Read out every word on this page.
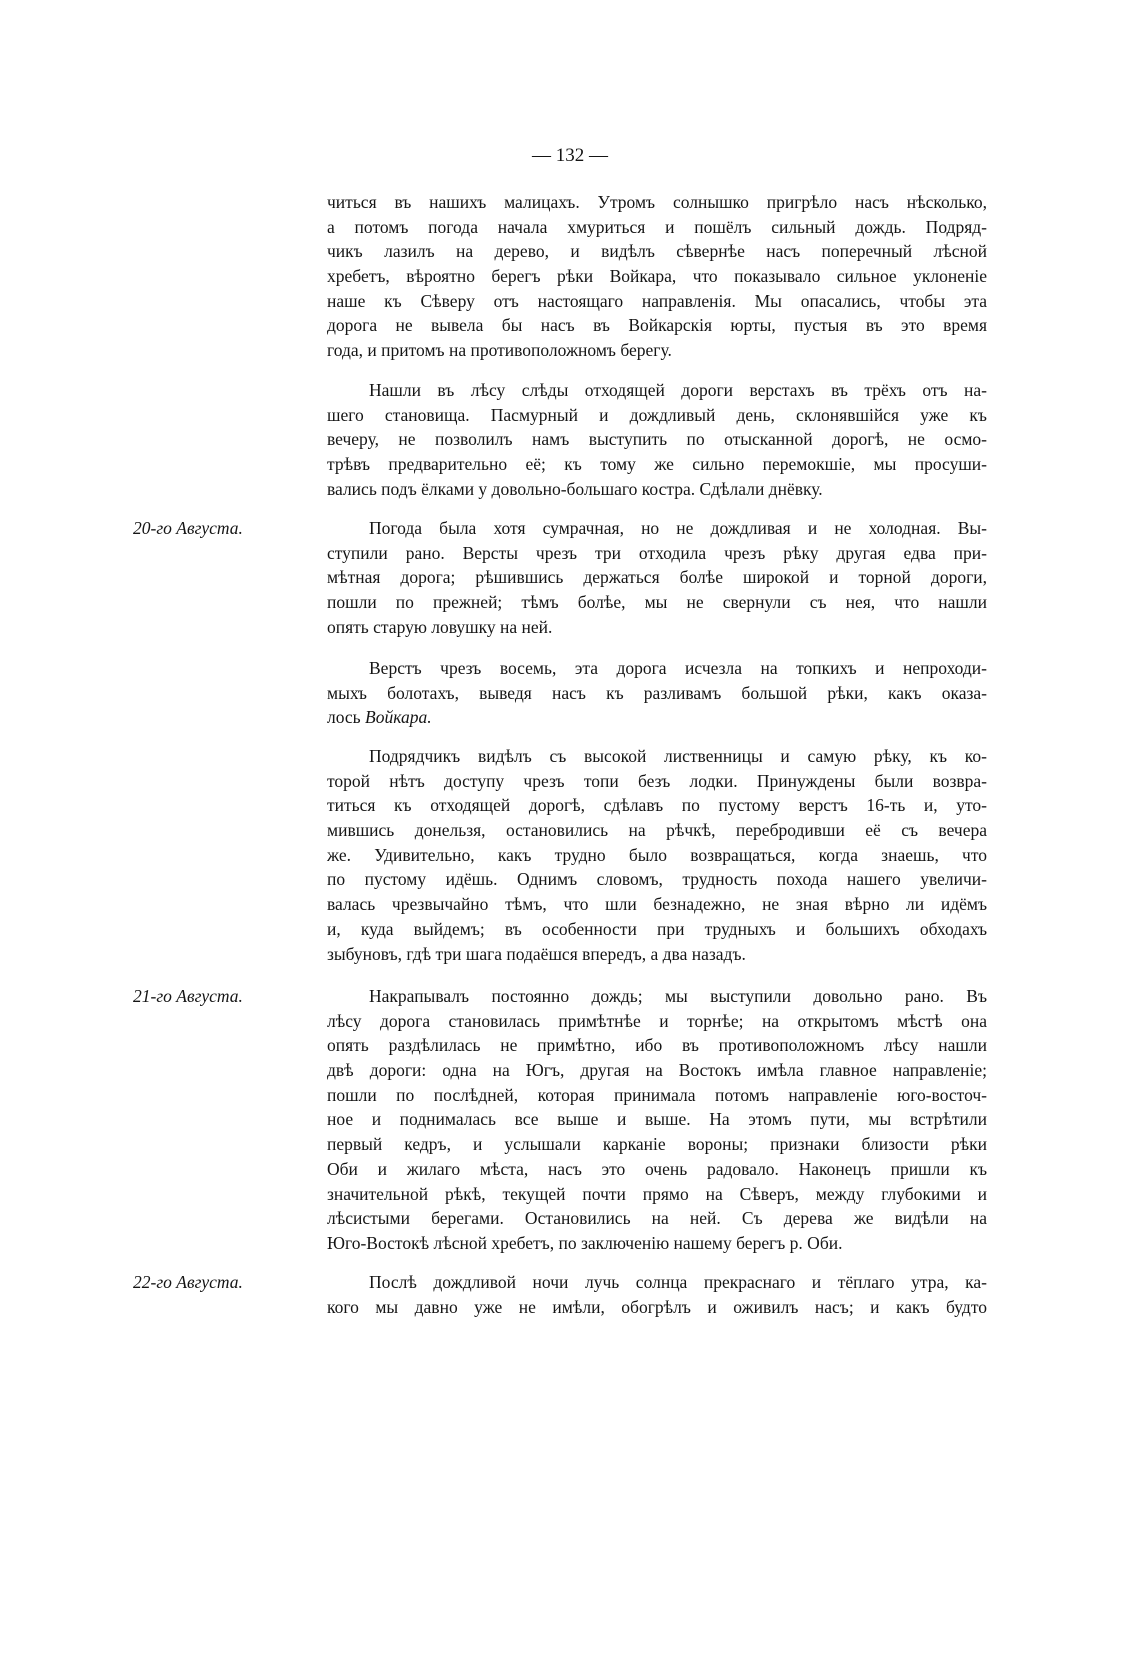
— 132 —
читься въ нашихъ малицахъ. Утромъ солнышко пригрѣло насъ нѣсколько,
а потомъ погода начала хмуриться и пошёлъ сильный дождь. Подряд-
чикъ лазилъ на дерево, и видѣлъ сѣвернѣе насъ поперечный лѣсной
хребетъ, вѣроятно берегъ рѣки Войкара, что показывало сильное уклоненіе
наше къ Сѣверу отъ настоящаго направленія. Мы опасались, чтобы эта
дорога не вывела бы насъ въ Войкарскія юрты, пустыя въ это время
года, и притомъ на противоположномъ берегу.
Нашли въ лѣсу слѣды отходящей дороги верстахъ въ трёхъ отъ на-
шего становища. Пасмурный и дождливый день, склонявшійся уже къ
вечеру, не позволилъ намъ выступить по отысканной дорогѣ, не осмо-
трѣвъ предварительно её; къ тому же сильно перемокшіе, мы просуши-
вались подъ ёлками у довольно-большаго костра. Сдѣлали днёвку.
Погода была хотя сумрачная, но не дождливая и не холодная. Вы-
ступили рано. Версты чрезъ три отходила чрезъ рѣку другая едва при-
мѣтная дорога; рѣшившись держаться болѣе широкой и торной дороги,
пошли по прежней; тѣмъ болѣе, мы не свернули съ нея, что нашли
опять старую ловушку на ней.
Верстъ чрезъ восемь, эта дорога исчезла на топкихъ и непроходи-
мыхъ болотахъ, выведя насъ къ разливамъ большой рѣки, какъ оказа-
лось Войкара.
Подрядчикъ видѣлъ съ высокой лиственницы и самую рѣку, къ ко-
торой нѣтъ доступу чрезъ топи безъ лодки. Принуждены были возвра-
титься къ отходящей дорогѣ, сдѣлавъ по пустому верстъ 16-ть и, уто-
мившись донельзя, остановились на рѣчкѣ, перебродивши её съ вечера
же. Удивительно, какъ трудно было возвращаться, когда знаешь, что
по пустому идёшь. Однимъ словомъ, трудность похода нашего увеличи-
валась чрезвычайно тѣмъ, что шли безнадежно, не зная вѣрно ли идёмъ
и, куда выйдемъ; въ особенности при трудныхъ и большихъ обходахъ
зыбуновъ, гдѣ три шага подаёшся впередъ, а два назадъ.
Накрапывалъ постоянно дождь; мы выступили довольно рано. Въ
лѣсу дорога становилась примѣтнѣе и торнѣе; на открытомъ мѣстѣ она
опять раздѣлилась не примѣтно, ибо въ противоположномъ лѣсу нашли
двѣ дороги: одна на Югъ, другая на Востокъ имѣла главное направленіе;
пошли по послѣдней, которая принимала потомъ направленіе юго-восточ-
ное и поднималась все выше и выше. На этомъ пути, мы встрѣтили
первый кедръ, и услышали карканіе вороны; признаки близости рѣки
Оби и жилаго мѣста, насъ это очень радовало. Наконецъ пришли къ
значительной рѣкѣ, текущей почти прямо на Сѣверъ, между глубокими и
лѣсистыми берегами. Остановились на ней. Съ дерева же видѣли на
Юго-Востокѣ лѣсной хребетъ, по заключенію нашему берегъ р. Оби.
Послѣ дождливой ночи лучь солнца прекраснаго и тёплаго утра, ка-
кого мы давно уже не имѣли, обогрѣлъ и оживилъ насъ; и какъ будто
20-го Августа.
21-го Августа.
22-го Августа.
